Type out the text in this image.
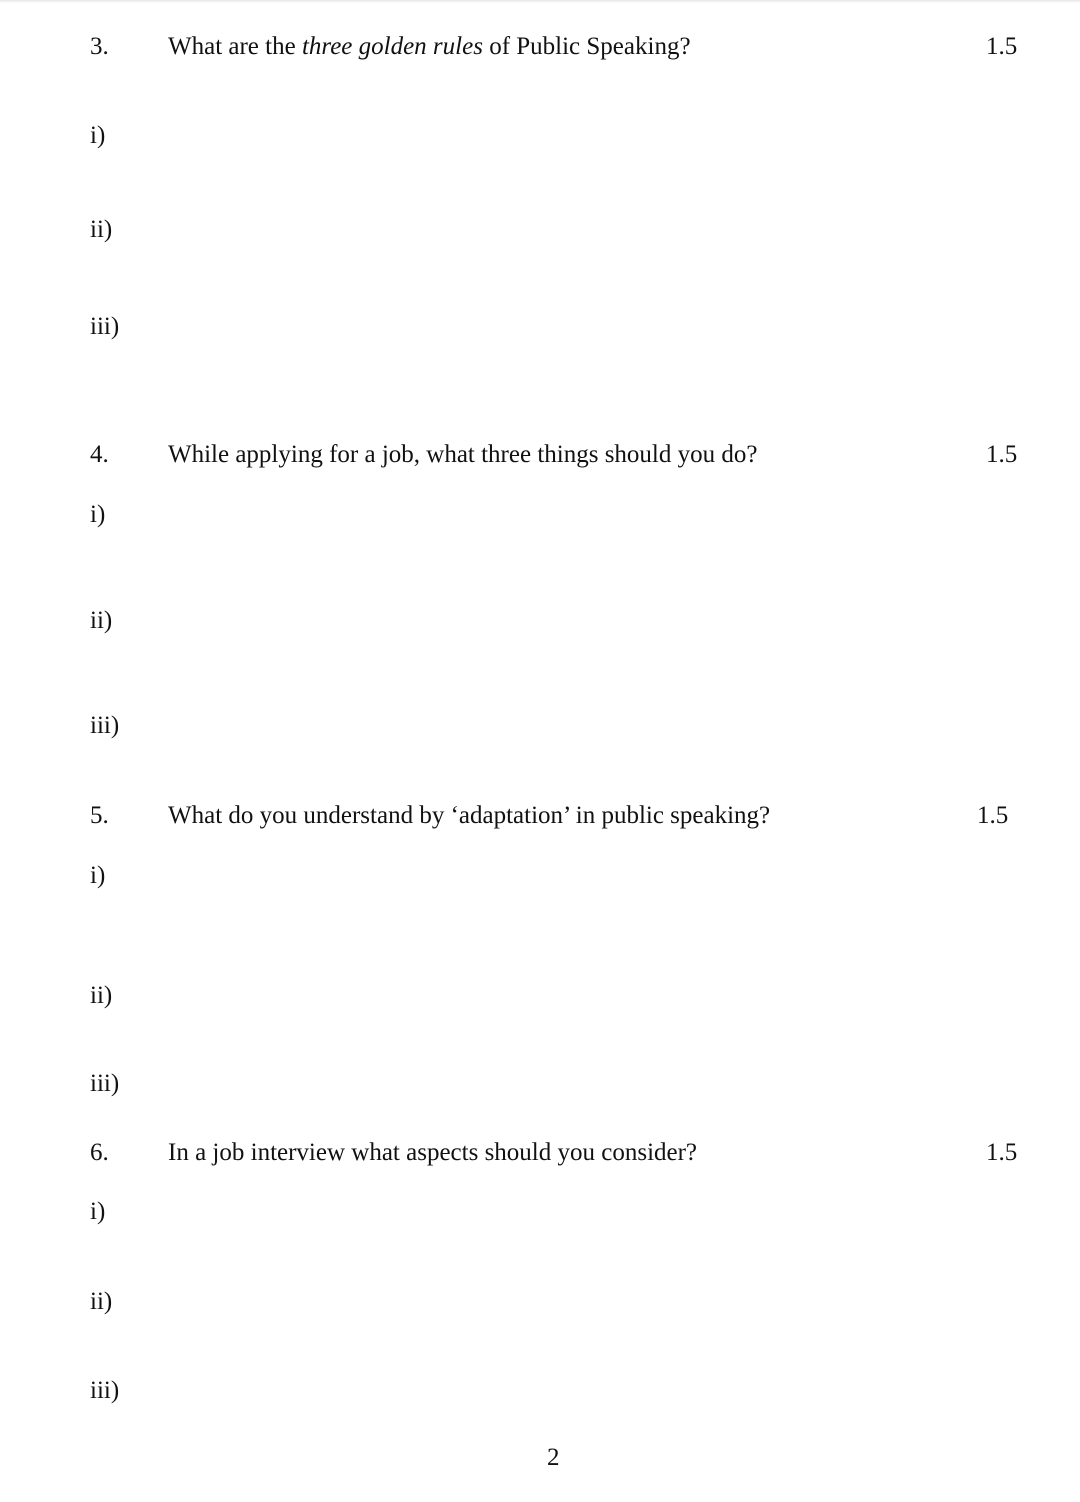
3. What are the three golden rules of Public Speaking?	1.5
i)
ii)
iii)
4. While applying for a job, what three things should you do?	1.5
i)
ii)
iii)
5. What do you understand by ‘adaptation’ in public speaking?	1.5
i)
ii)
iii)
6. In a job interview what aspects should you consider?	1.5
i)
ii)
iii)
2
